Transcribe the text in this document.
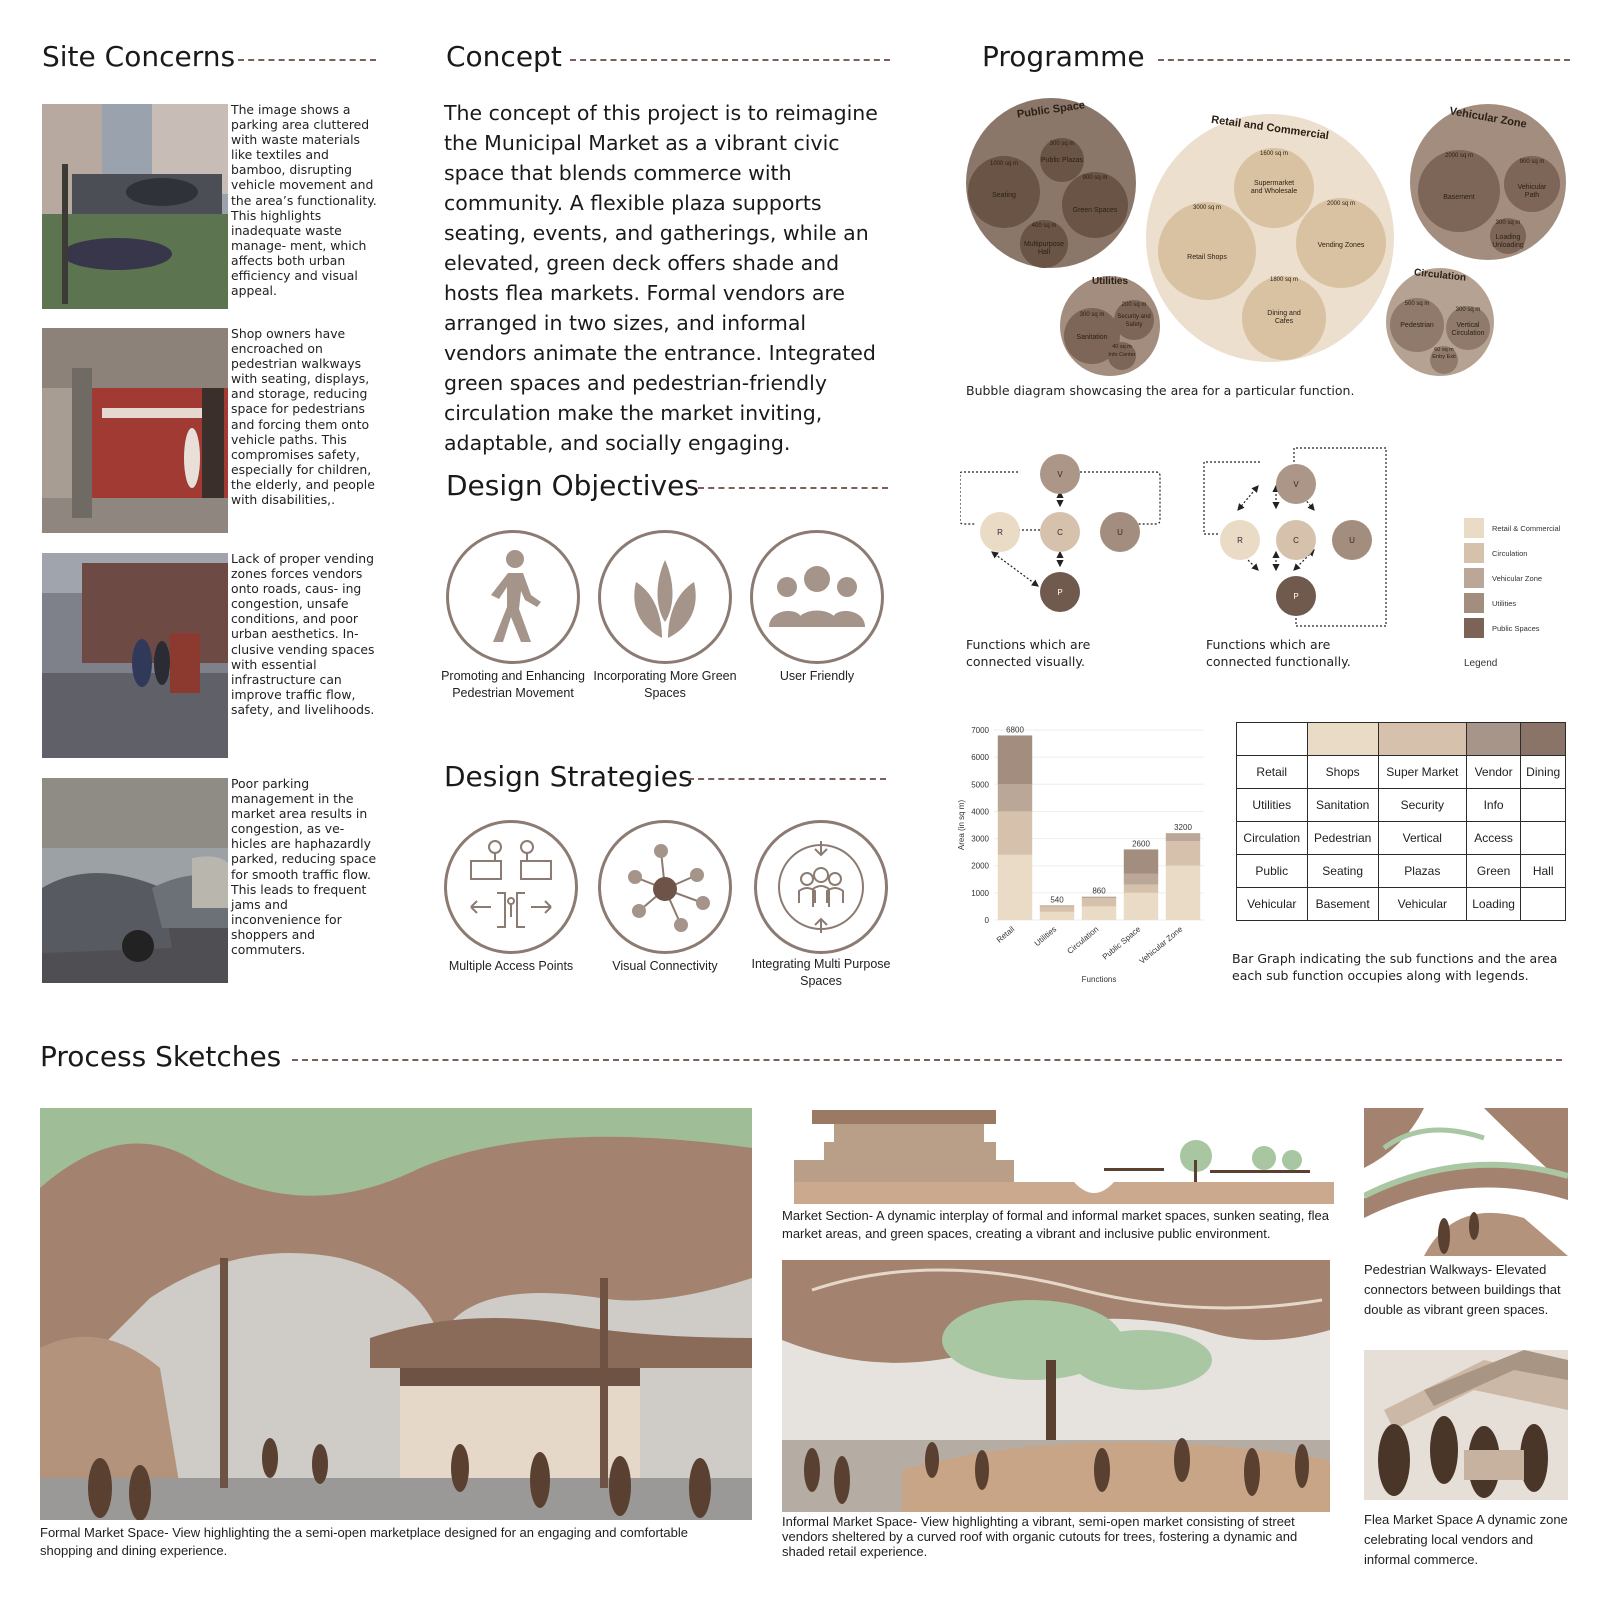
Site Concerns	Concept	Programme
Design Objectives
Design Strategies
Process Sketches
The image shows a parking area cluttered with waste materials like textiles and bamboo, disrupting vehicle movement and the area’s functionality. This highlights inadequate waste manage- ment, which affects both urban efficiency and visual appeal.
Shop owners have encroached on pedestrian walkways with seating, displays, and storage, reducing space for pedestrians and forcing them onto vehicle paths. This compromises safety, especially for children, the elderly, and people with disabilities,.
Lack of proper vending zones forces vendors onto roads, caus- ing congestion, unsafe conditions, and poor urban aesthetics. In- clusive vending spaces with essential infrastructure can improve traffic flow, safety, and livelihoods.
Poor parking management in the market area results in congestion, as ve- hicles are haphazardly parked, reducing space for smooth traffic flow. This leads to frequent jams and inconvenience for shoppers and commuters.
The concept of this project is to reimagine the Municipal Market as a vibrant civic space that blends commerce with community. A flexible plaza supports seating, events, and gatherings, while an elevated, green deck offers shade and hosts flea markets. Formal vendors are arranged in two sizes, and informal vendors animate the entrance. Integrated green spaces and pedestrian-friendly circulation make the market inviting, adaptable, and socially engaging.
Promoting and Enhancing Pedestrian Movement
Incorporating More Green Spaces
User Friendly
Multiple Access Points	Visual Connectivity	Integrating Multi Purpose Spaces
Public Space
300 sq m
Public Plazas
1000 sq m
Seating
900 sq m
Green Spaces
400 sq m
Multipurpose Hall
Retail and Commercial
1600 sq m
Supermarket and Wholesale
3000 sq m
Retail Shops
2000 sq m
Vending Zones
1800 sq m
Dining and Cafes
Vehicular Zone
2000 sq m
Basement
900 sq m
Vehicular Path
300 sq m
Loading Unloading
Utilities
300 sq m
Sanitation
200 sq m
Security and Safety
40 sq m
Info Center
Circulation
500 sq m
Pedestrian
300 sq m
Vertical Circulation
60 sq m
Entry Exit
Bubble diagram showcasing the area for a particular function.
V
R	C	U
P
V
R	C	U
P
Functions which are connected visually.
Functions which are connected functionally.
Retail & Commercial
Circulation
Vehicular Zone
Utilities
Public Spaces
Legend
0
1000
2000
3000
4000
5000
6000
7000 6800
Retail
540
Utilities
860
Circulation
2600
Public Space
3200
Vehicular Zone
Functions
Area (in sq m)
Bar Graph indicating the sub functions and the area each sub function occupies along with legends.

Retail	Shops	Super Market	Vendor	Dining
Utilities	Sanitation	Security	Info	
Circulation	Pedestrian	Vertical	Access	
Public	Seating	Plazas	Green	Hall
Vehicular	Basement	Vehicular	Loading	
Formal Market Space- View highlighting the a semi-open marketplace designed for an engaging and comfortable shopping and dining experience.
Market Section- A dynamic interplay of formal and informal market spaces, sunken seating, flea market areas, and green spaces, creating a vibrant and inclusive public environment.
Informal Market Space- View highlighting a vibrant, semi-open market consisting of street vendors sheltered by a curved roof with organic cutouts for trees, fostering a dynamic and shaded retail experience.
Pedestrian Walkways- Elevated connectors between buildings that double as vibrant green spaces.
Flea Market Space A dynamic zone celebrating local vendors and informal commerce.
